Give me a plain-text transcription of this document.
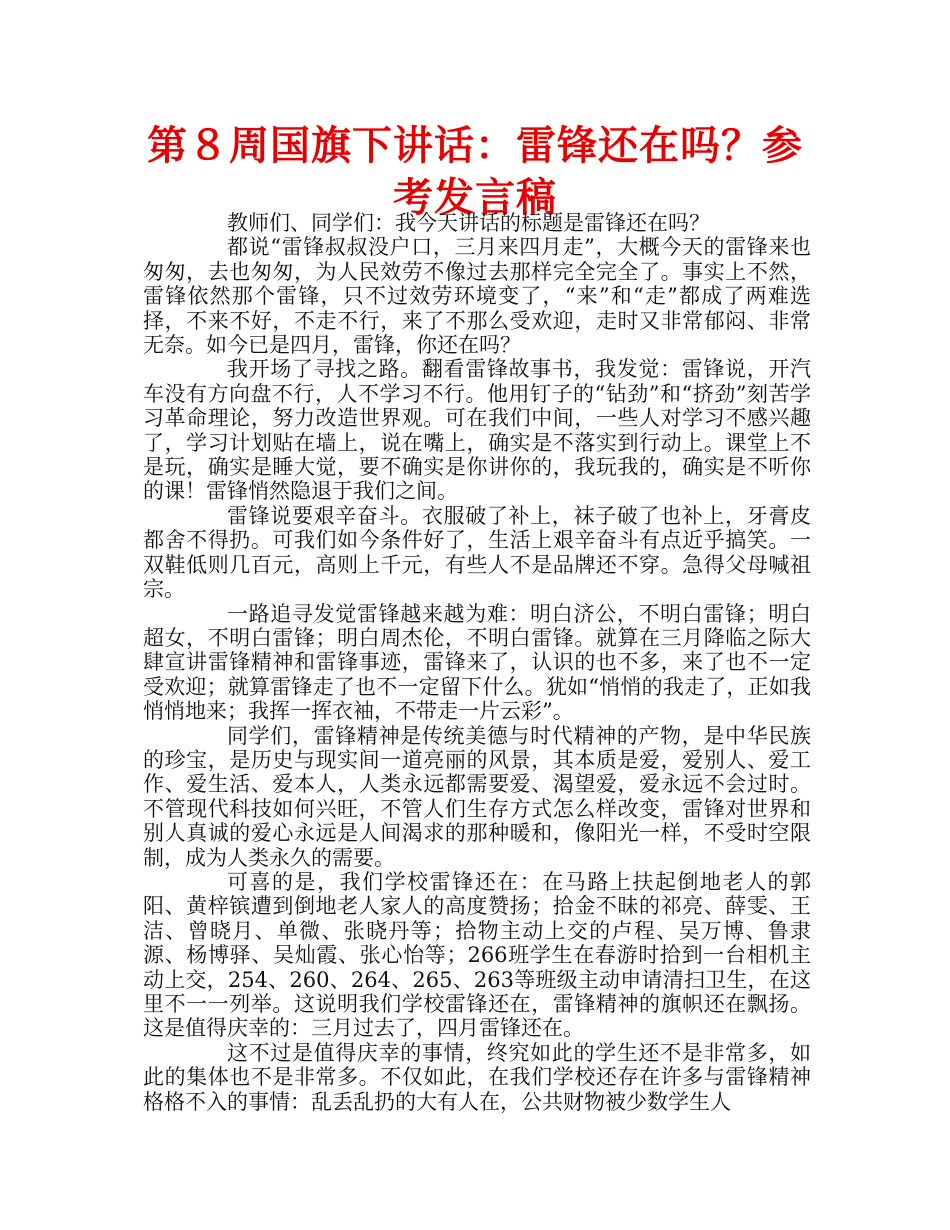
第８周国旗下讲话：雷锋还在吗？参考发言稿

教师们、同学们：我今天讲话的标题是雷锋还在吗？

都说“雷锋叔叔没户口，三月来四月走”，大概今天的雷锋来也匆匆，去也匆匆，为人民效劳不像过去那样完全完全了。事实上不然，雷锋依然那个雷锋，只不过效劳环境变了，“来”和“走”都成了两难选择，不来不好，不走不行，来了不那么受欢迎，走时又非常郁闷、非常无奈。如今已是四月，雷锋，你还在吗？

我开场了寻找之路。翻看雷锋故事书，我发觉：雷锋说，开汽车没有方向盘不行，人不学习不行。他用钉子的“钻劲”和“挤劲”刻苦学习革命理论，努力改造世界观。可在我们中间，一些人对学习不感兴趣了，学习计划贴在墙上，说在嘴上，确实是不落实到行动上。课堂上不是玩，确实是睡大觉，要不确实是你讲你的，我玩我的，确实是不听你的课！雷锋悄然隐退于我们之间。

雷锋说要艰辛奋斗。衣服破了补上，袜子破了也补上，牙膏皮都舍不得扔。可我们如今条件好了，生活上艰辛奋斗有点近乎搞笑。一双鞋低则几百元，高则上千元，有些人不是品牌还不穿。急得父母喊祖宗。

一路追寻发觉雷锋越来越为难：明白济公，不明白雷锋；明白超女，不明白雷锋；明白周杰伦，不明白雷锋。就算在三月降临之际大肆宣讲雷锋精神和雷锋事迹，雷锋来了，认识的也不多，来了也不一定受欢迎；就算雷锋走了也不一定留下什么。犹如“悄悄的我走了，正如我悄悄地来；我挥一挥衣袖，不带走一片云彩”。

同学们，雷锋精神是传统美德与时代精神的产物，是中华民族的珍宝，是历史与现实间一道亮丽的风景，其本质是爱，爱别人、爱工作、爱生活、爱本人，人类永远都需要爱、渴望爱，爱永远不会过时。不管现代科技如何兴旺，不管人们生存方式怎么样改变，雷锋对世界和别人真诚的爱心永远是人间渴求的那种暖和，像阳光一样，不受时空限制，成为人类永久的需要。

可喜的是，我们学校雷锋还在：在马路上扶起倒地老人的郭阳、黄梓镔遭到倒地老人家人的高度赞扬；拾金不昧的祁亮、薛雯、王洁、曾晓月、单微、张晓丹等；拾物主动上交的卢程、吴万博、鲁隶源、杨博驿、吴灿霞、张心怡等；266班学生在春游时拾到一台相机主动上交，254、260、264、265、263等班级主动申请清扫卫生，在这里不一一列举。这说明我们学校雷锋还在，雷锋精神的旗帜还在飘扬。这是值得庆幸的：三月过去了，四月雷锋还在。

这不过是值得庆幸的事情，终究如此的学生还不是非常多，如此的集体也不是非常多。不仅如此，在我们学校还存在许多与雷锋精神格格不入的事情：乱丢乱扔的大有人在，公共财物被少数学生人
